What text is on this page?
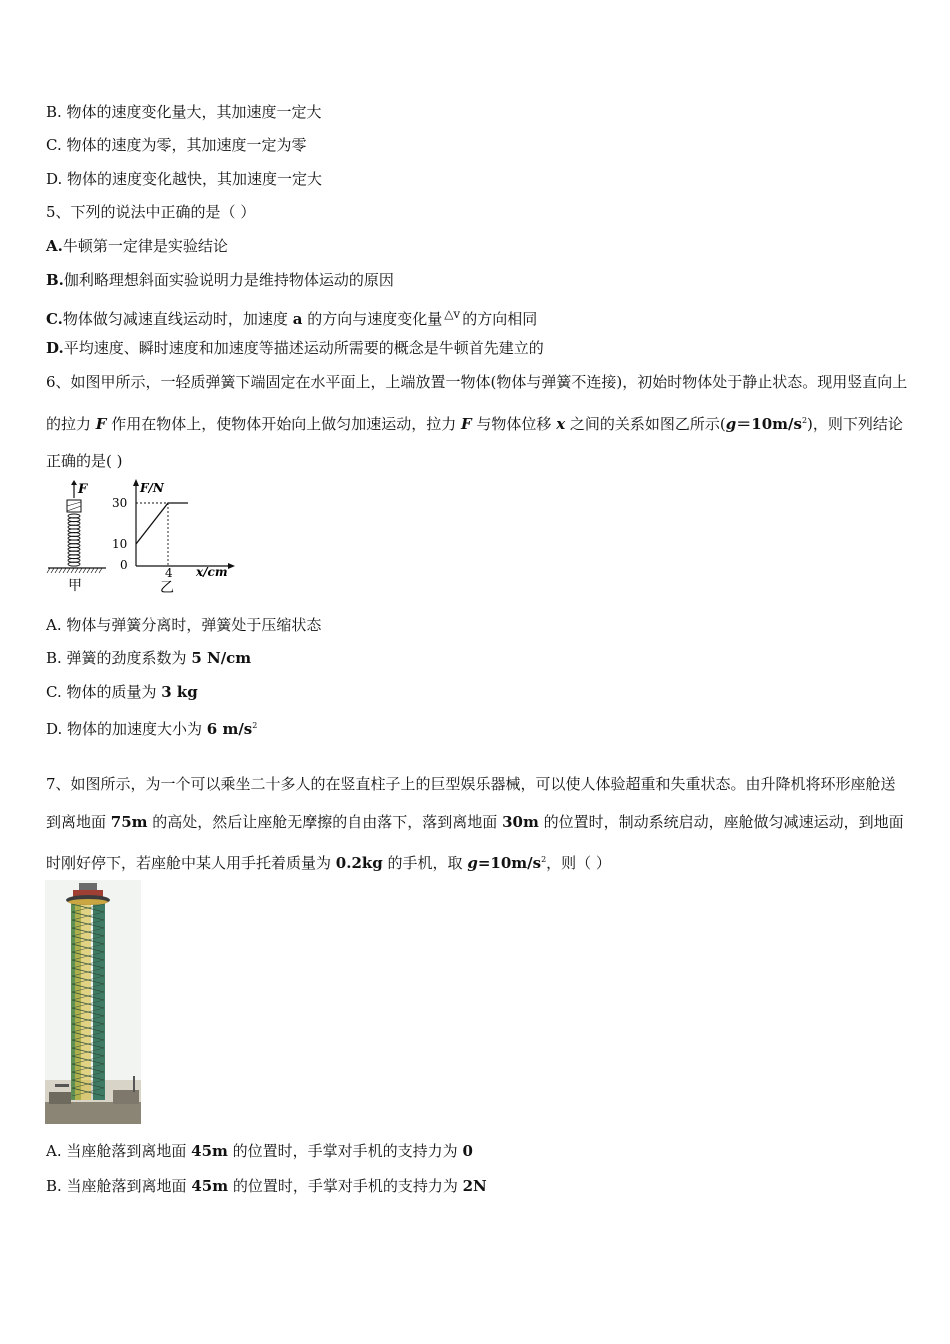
B. 物体的速度变化量大，其加速度一定大
C. 物体的速度为零，其加速度一定为零
D. 物体的速度变化越快，其加速度一定大
5、下列的说法中正确的是（ ）
A.牛顿第一定律是实验结论
B.伽利略理想斜面实验说明力是维持物体运动的原因
C.物体做匀减速直线运动时，加速度 a 的方向与速度变化量 △v 的方向相同
D.平均速度、瞬时速度和加速度等描述运动所需要的概念是牛顿首先建立的
6、如图甲所示，一轻质弹簧下端固定在水平面上，上端放置一物体(物体与弹簧不连接)，初始时物体处于静止状态。现用竖直向上的拉力 F 作用在物体上，使物体开始向上做匀加速运动，拉力 F 与物体位移 x 之间的关系如图乙所示$(g=10m/s^2)$，则下列结论正确的是( )
F
甲
F/N
x/cm
30
10
0
4
乙
A. 物体与弹簧分离时，弹簧处于压缩状态
B. 弹簧的劲度系数为 5 N/cm
C. 物体的质量为 3 kg
D. 物体的加速度大小为 6 $m/s^2$
7、如图所示，为一个可以乘坐二十多人的在竖直柱子上的巨型娱乐器械，可以使人体验超重和失重状态。由升降机将环形座舱送到离地面 75m 的高处，然后让座舱无摩擦的自由落下，落到离地面 30m 的位置时，制动系统启动，座舱做匀减速运动，到地面时刚好停下，若座舱中某人用手托着质量为 0.2kg 的手机，取 $g=10m/s^2$，则（ ）
A. 当座舱落到离地面 45m 的位置时，手掌对手机的支持力为 0
B. 当座舱落到离地面 45m 的位置时，手掌对手机的支持力为 2N
